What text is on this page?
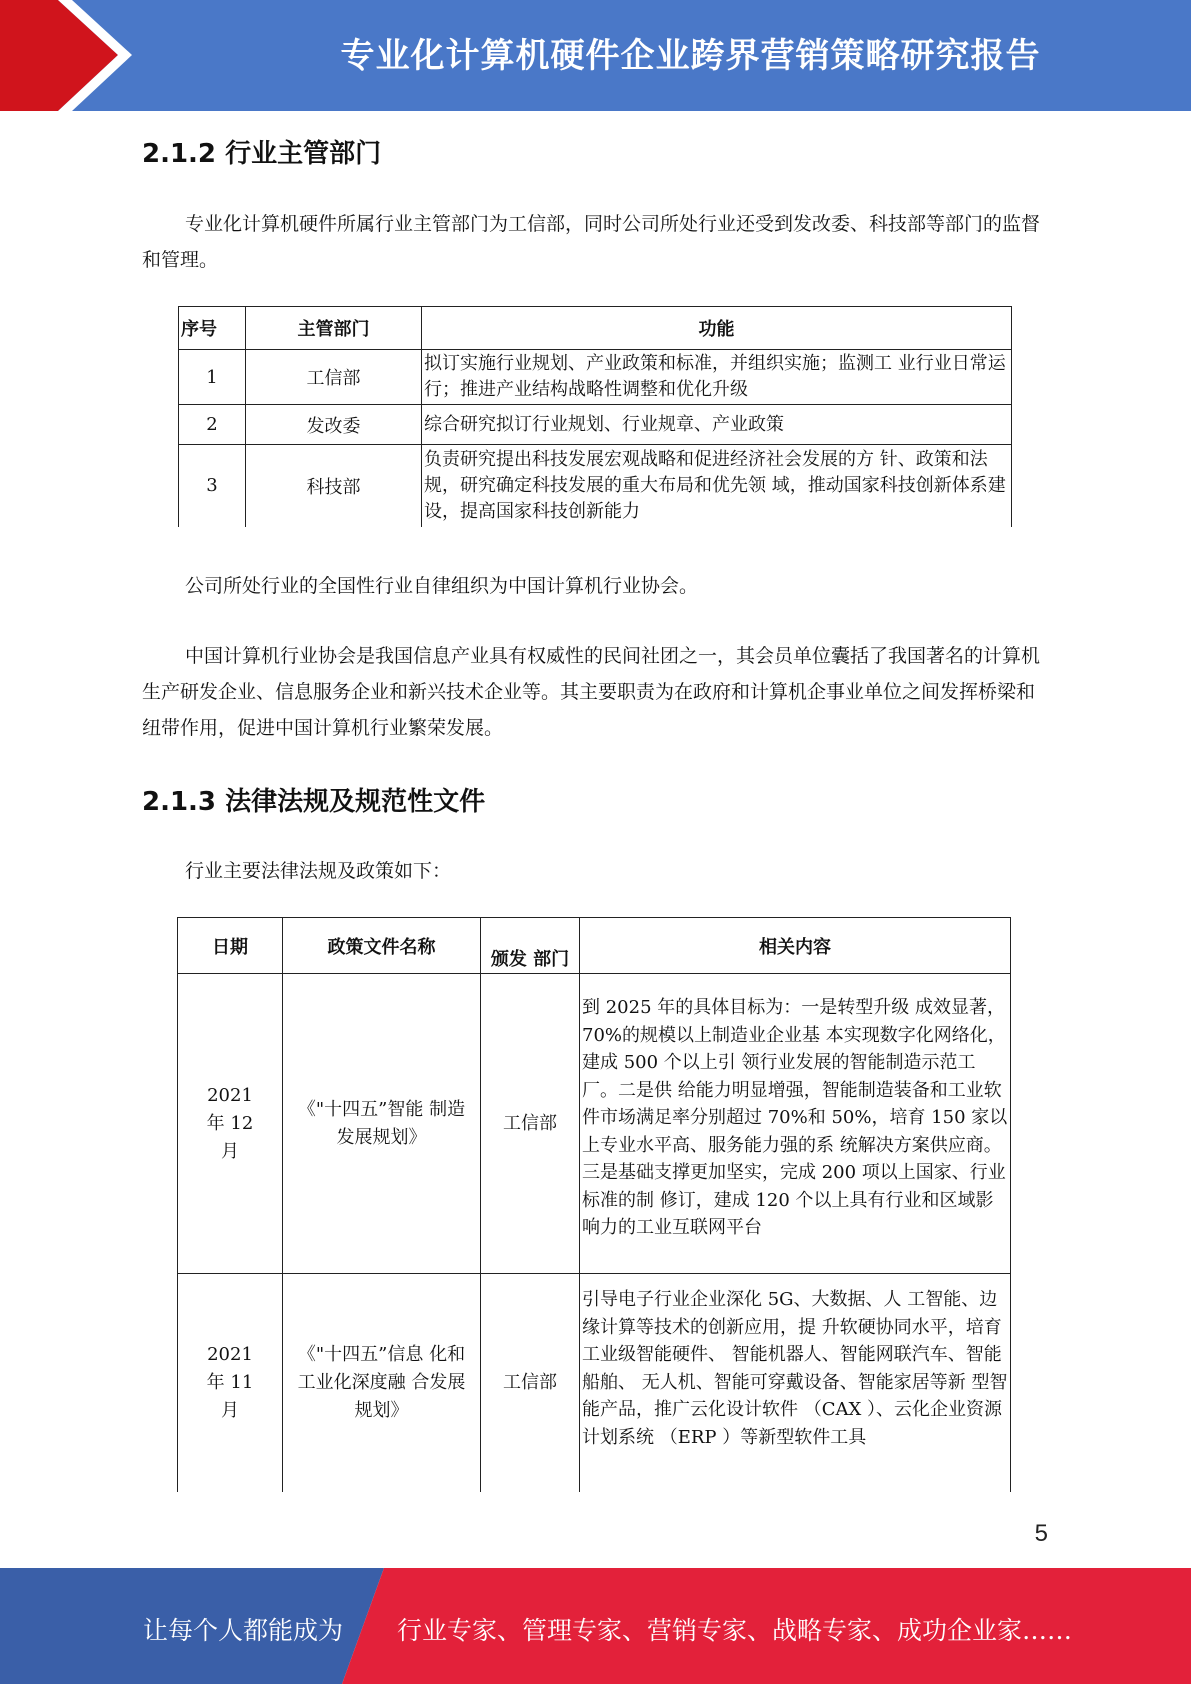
专业化计算机硬件企业跨界营销策略研究报告
2.1.2 行业主管部门
专业化计算机硬件所属行业主管部门为工信部，同时公司所处行业还受到发改委、科技部等部门的监督和管理。
序号	主管部门	功能
1	工信部	拟订实施行业规划、产业政策和标准，并组织实施；监测工 业行业日常运行；推进产业结构战略性调整和优化升级
2	发改委	综合研究拟订行业规划、行业规章、产业政策
3	科技部	负责研究提出科技发展宏观战略和促进经济社会发展的方 针、政策和法规，研究确定科技发展的重大布局和优先领 域，推动国家科技创新体系建设，提高国家科技创新能力
公司所处行业的全国性行业自律组织为中国计算机行业协会。
中国计算机行业协会是我国信息产业具有权威性的民间社团之一，其会员单位囊括了我国著名的计算机生产研发企业、信息服务企业和新兴技术企业等。其主要职责为在政府和计算机企事业单位之间发挥桥梁和纽带作用，促进中国计算机行业繁荣发展。
2.1.3 法律法规及规范性文件
行业主要法律法规及政策如下：
日期	政策文件名称	颁发 部门	相关内容
2021 年 12 月	《"十四五”智能 制造发展规划》	工信部	到 2025 年的具体目标为：一是转型升级 成效显著，70%的规模以上制造业企业基 本实现数字化网络化，建成 500 个以上引 领行业发展的智能制造示范工厂。二是供 给能力明显增强，智能制造装备和工业软 件市场满足率分别超过 70%和 50%，培育 150 家以上专业水平高、服务能力强的系 统解决方案供应商。三是基础支撑更加坚实，完成 200 项以上国家、行业标准的制 修订，建成 120 个以上具有行业和区域影 响力的工业互联网平台
2021 年 11 月	《"十四五”信息 化和工业化深度融 合发展规划》	工信部	引导电子行业企业深化 5G、大数据、人 工智能、边缘计算等技术的创新应用，提 升软硬协同水平，培育工业级智能硬件、 智能机器人、智能网联汽车、智能船舶、 无人机、智能可穿戴设备、智能家居等新 型智能产品，推广云化设计软件 （CAX ）、云化企业资源计划系统 （ERP ）等新型软件工具
5
让每个人都能成为 行业专家、管理专家、营销专家、战略专家、成功企业家……
